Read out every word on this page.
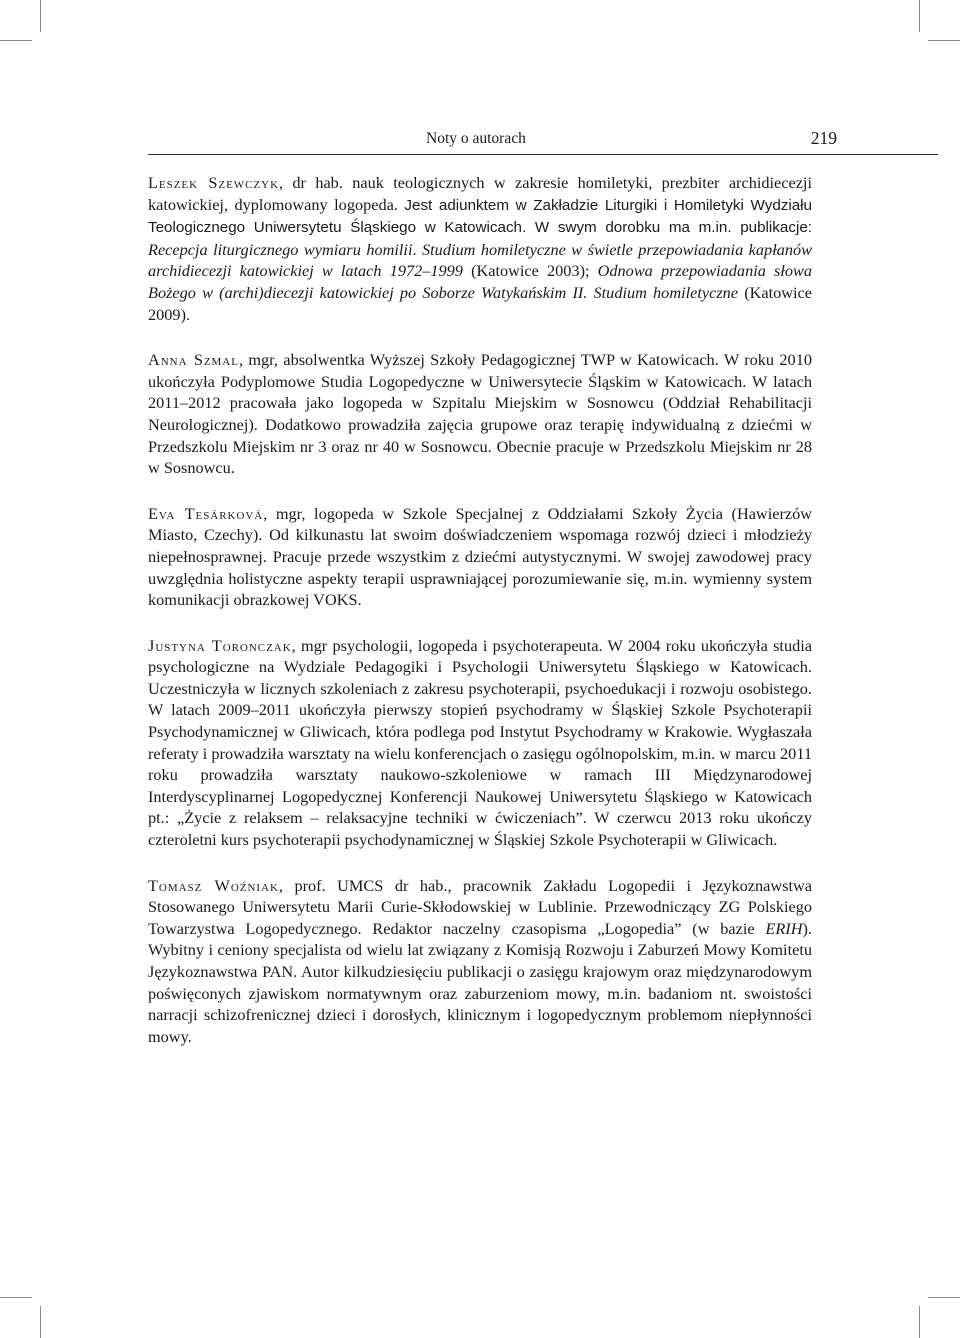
Noty o autorach	219

Leszek Szewczyk, dr hab. nauk teologicznych w zakresie homiletyki, prezbiter archidiecezji katowickiej, dyplomowany logopeda. Jest adiunktem w Zakładzie Liturgiki i Homiletyki Wydziału Teologicznego Uniwersytetu Śląskiego w Katowicach. W swym dorobku ma m.in. publikacje: Recepcja liturgicznego wymiaru homilii. Studium homiletyczne w świetle przepowiadania kapłanów archidiecezji katowickiej w latach 1972–1999 (Katowice 2003); Odnowa przepowiadania słowa Bożego w (archi)diecezji katowickiej po Soborze Watykańskim II. Studium homiletyczne (Katowice 2009).

Anna Szmal, mgr, absolwentka Wyższej Szkoły Pedagogicznej TWP w Katowicach. W roku 2010 ukończyła Podyplomowe Studia Logopedyczne w Uniwersytecie Śląskim w Katowicach. W latach 2011–2012 pracowała jako logopeda w Szpitalu Miejskim w Sosnowcu (Oddział Rehabilitacji Neurologicznej). Dodatkowo prowadziła zajęcia grupowe oraz terapię indywidualną z dziećmi w Przedszkolu Miejskim nr 3 oraz nr 40 w Sosnowcu. Obecnie pracuje w Przedszkolu Miejskim nr 28 w Sosnowcu.

Eva Tesárková, mgr, logopeda w Szkole Specjalnej z Oddziałami Szkoły Życia (Hawierzów Miasto, Czechy). Od kilkunastu lat swoim doświadczeniem wspomaga rozwój dzieci i młodzieży niepełnosprawnej. Pracuje przede wszystkim z dziećmi autystycznymi. W swojej zawodowej pracy uwzględnia holistyczne aspekty terapii usprawniającej porozumiewanie się, m.in. wymienny system komunikacji obrazkowej VOKS.

Justyna Toronczak, mgr psychologii, logopeda i psychoterapeuta. W 2004 roku ukończyła studia psychologiczne na Wydziale Pedagogiki i Psychologii Uniwersytetu Śląskiego w Katowicach. Uczestniczyła w licznych szkoleniach z zakresu psychoterapii, psychoedukacji i rozwoju osobistego. W latach 2009–2011 ukończyła pierwszy stopień psychodramy w Śląskiej Szkole Psychoterapii Psychodynamicznej w Gliwicach, która podlega pod Instytut Psychodramy w Krakowie. Wygłaszała referaty i prowadziła warsztaty na wielu konferencjach o zasięgu ogólnopolskim, m.in. w marcu 2011 roku prowadziła warsztaty naukowo-szkoleniowe w ramach III Międzynarodowej Interdyscyplinarnej Logopedycznej Konferencji Naukowej Uniwersytetu Śląskiego w Katowicach pt.: „Życie z relaksem – relaksacyjne techniki w ćwiczeniach”. W czerwcu 2013 roku ukończy czteroletni kurs psychoterapii psychodynamicznej w Śląskiej Szkole Psychoterapii w Gliwicach.

Tomasz Woźniak, prof. UMCS dr hab., pracownik Zakładu Logopedii i Językoznawstwa Stosowanego Uniwersytetu Marii Curie-Skłodowskiej w Lublinie. Przewodniczący ZG Polskiego Towarzystwa Logopedycznego. Redaktor naczelny czasopisma „Logopedia” (w bazie ERIH). Wybitny i ceniony specjalista od wielu lat związany z Komisją Rozwoju i Zaburzeń Mowy Komitetu Językoznawstwa PAN. Autor kilkudziesięciu publikacji o zasięgu krajowym oraz międzynarodowym poświęconych zjawiskom normatywnym oraz zaburzeniom mowy, m.in. badaniom nt. swoistości narracji schizofrenicznej dzieci i dorosłych, klinicznym i logopedycznym problemom niepłynności mowy.
